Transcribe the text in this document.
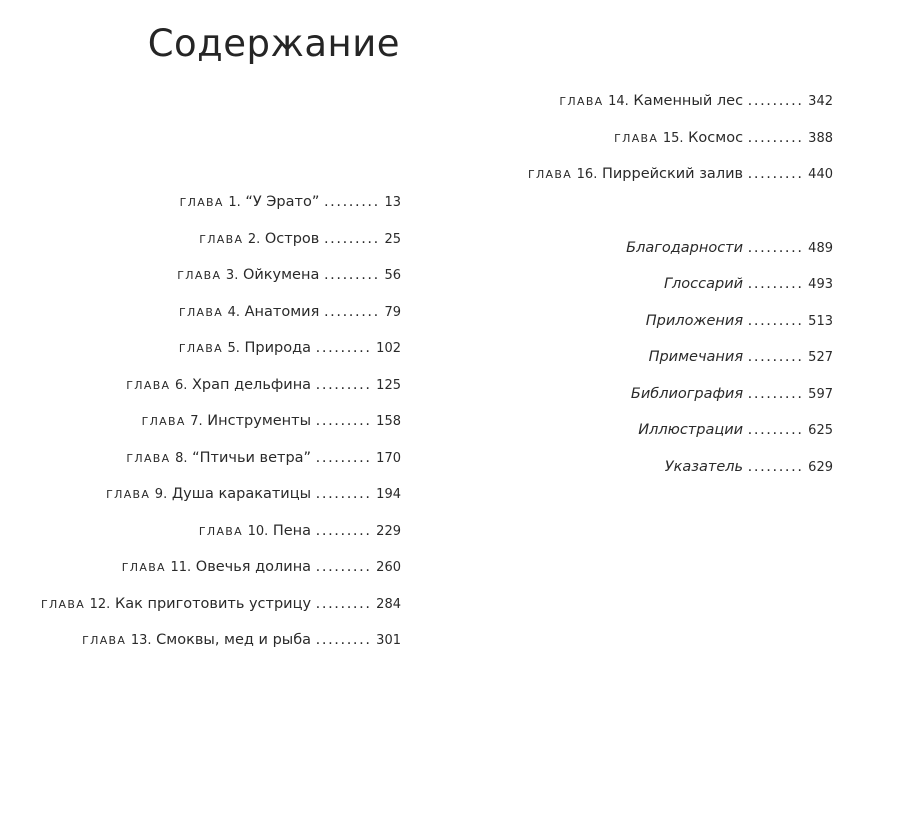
Содержание
ГЛАВА 1. “У Эрато” ......... 13
ГЛАВА 2. Остров ......... 25
ГЛАВА 3. Ойкумена ......... 56
ГЛАВА 4. Анатомия ......... 79
ГЛАВА 5. Природа ......... 102
ГЛАВА 6. Храп дельфина ......... 125
ГЛАВА 7. Инструменты ......... 158
ГЛАВА 8. “Птичьи ветра” ......... 170
ГЛАВА 9. Душа каракатицы ......... 194
ГЛАВА 10. Пена ......... 229
ГЛАВА 11. Овечья долина ......... 260
ГЛАВА 12. Как приготовить устрицу ......... 284
ГЛАВА 13. Смоквы, мед и рыба ......... 301
ГЛАВА 14. Каменный лес ......... 342
ГЛАВА 15. Космос ......... 388
ГЛАВА 16. Пиррейский залив ......... 440
Благодарности ......... 489
Глоссарий ......... 493
Приложения ......... 513
Примечания ......... 527
Библиография ......... 597
Иллюстрации ......... 625
Указатель ......... 629
